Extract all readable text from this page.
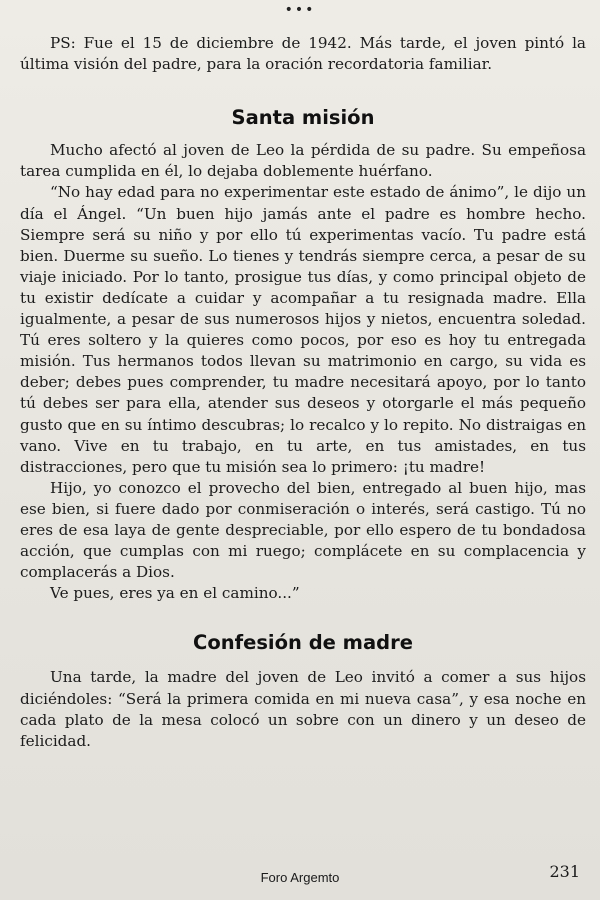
•••

PS: Fue el 15 de diciembre de 1942. Más tarde, el joven pintó la última visión del padre, para la oración recordatoria familiar.

Santa misión

Mucho afectó al joven de Leo la pérdida de su padre. Su empeñosa tarea cumplida en él, lo dejaba doblemente huérfano.

“No hay edad para no experimentar este estado de ánimo”, le dijo un día el Ángel. “Un buen hijo jamás ante el padre es hombre hecho. Siempre será su niño y por ello tú experimentas vacío. Tu padre está bien. Duerme su sueño. Lo tienes y tendrás siempre cerca, a pesar de su viaje iniciado. Por lo tanto, prosigue tus días, y como principal objeto de tu existir dedícate a cuidar y acompañar a tu resignada madre. Ella igualmente, a pesar de sus numerosos hijos y nietos, encuentra soledad. Tú eres soltero y la quieres como pocos, por eso es hoy tu entregada misión. Tus hermanos todos llevan su matrimonio en cargo, su vida es deber; debes pues comprender, tu madre necesitará apoyo, por lo tanto tú debes ser para ella, atender sus deseos y otorgarle el más pequeño gusto que en su íntimo descubras; lo recalco y lo repito. No distraigas en vano. Vive en tu trabajo, en tu arte, en tus amistades, en tus distracciones, pero que tu misión sea lo primero: ¡tu madre!

Hijo, yo conozco el provecho del bien, entregado al buen hijo, mas ese bien, si fuere dado por conmiseración o interés, será castigo. Tú no eres de esa laya de gente despreciable, por ello espero de tu bondadosa acción, que cumplas con mi ruego; complácete en su complacencia y complacerás a Dios.

Ve pues, eres ya en el camino...”

Confesión de madre

Una tarde, la madre del joven de Leo invitó a comer a sus hijos diciéndoles: “Será la primera comida en mi nueva casa”, y esa noche en cada plato de la mesa colocó un sobre con un dinero y un deseo de felicidad.

Foro Argemto	231
